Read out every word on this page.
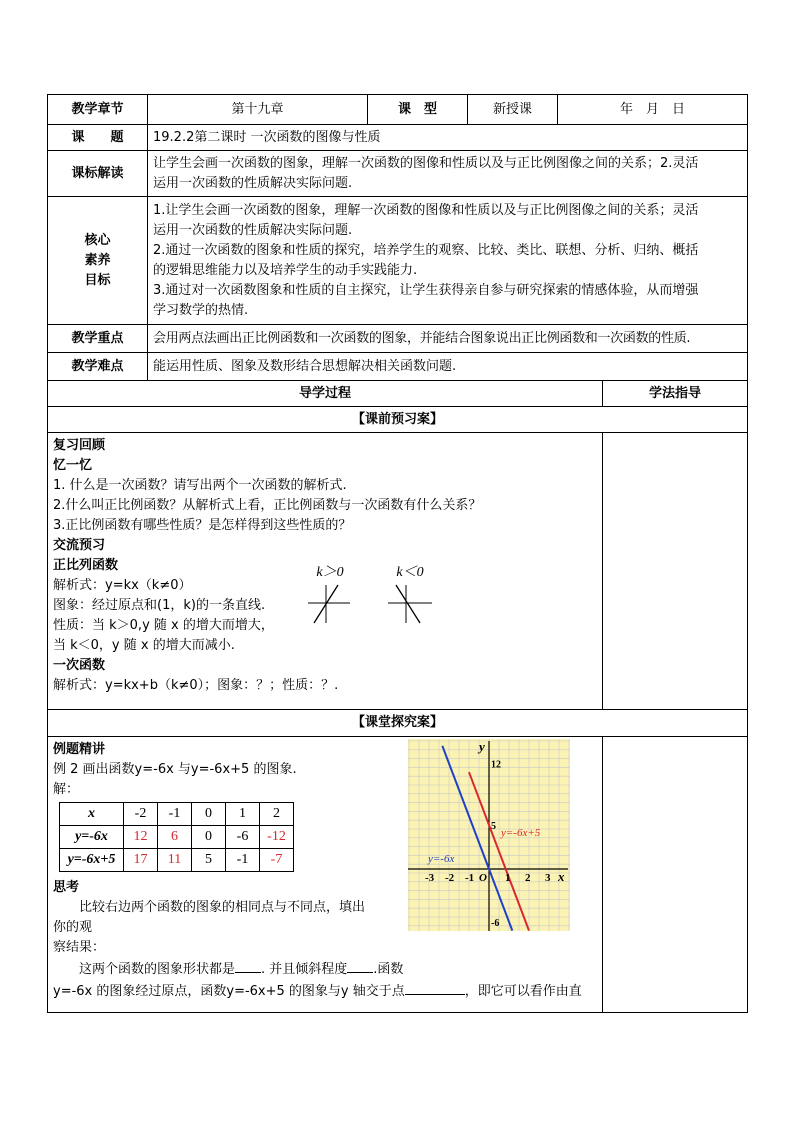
教学章节	第十九章	课　型	新授课	年　月　日
课　　题	19.2.2第二课时 一次函数的图像与性质
课标解读	
让学生会画一次函数的图象，理解一次函数的图像和性质以及与正比例图像之间的关系；2.灵活
运用一次函数的性质解决实际问题.

核心
素养
目标

1.让学生会画一次函数的图象，理解一次函数的图像和性质以及与正比例图像之间的关系；灵活
运用一次函数的性质解决实际问题.
2.通过一次函数的图象和性质的探究，培养学生的观察、比较、类比、联想、分析、归纳、概括
的逻辑思维能力以及培养学生的动手实践能力.
3.通过对一次函数图象和性质的自主探究，让学生获得亲自参与研究探索的情感体验，从而增强
学习数学的热情.

教学重点	会用两点法画出正比例函数和一次函数的图象，并能结合图象说出正比例函数和一次函数的性质.
教学难点	能运用性质、图象及数形结合思想解决相关函数问题.
导学过程	学法指导
【课前预习案】

复习回顾
忆一忆
1. 什么是一次函数？请写出两个一次函数的解析式.
2.什么叫正比例函数？从解析式上看，正比例函数与一次函数有什么关系？
3.正比例函数有哪些性质？是怎样得到这些性质的？
交流预习
正比列函数
解析式：y=kx（k≠0）
图象：经过原点和(1，k)的一条直线.
性质：当 k＞0,y 随 x 的增大而增大，
当 k＜0，y 随 x 的增大而减小.
一次函数
解析式：y=kx+b（k≠0）；图象：？；性质：？.
k＞0	k＜0

【课堂探究案】

例题精讲
例 2 画出函数y=-6x 与y=-6x+5 的图象.
解：
x	-2	-1	0	1	2
y=-6x	12	6	0	-6	-12
y=-6x+5	17	11	5	-1	-7
思考
比较右边两个函数的图象的相同点与不同点，填出
你的观
察结果：
这两个函数的图象形状都是 . 并且倾斜程度 .函数
y=-6x 的图象经过原点，函数y=-6x+5 的图象与y 轴交于点	，即它可以看作由直
-3 -2 -1 O 1 2 3
12
5
-6
x
y
y=-6x
y=-6x+5
